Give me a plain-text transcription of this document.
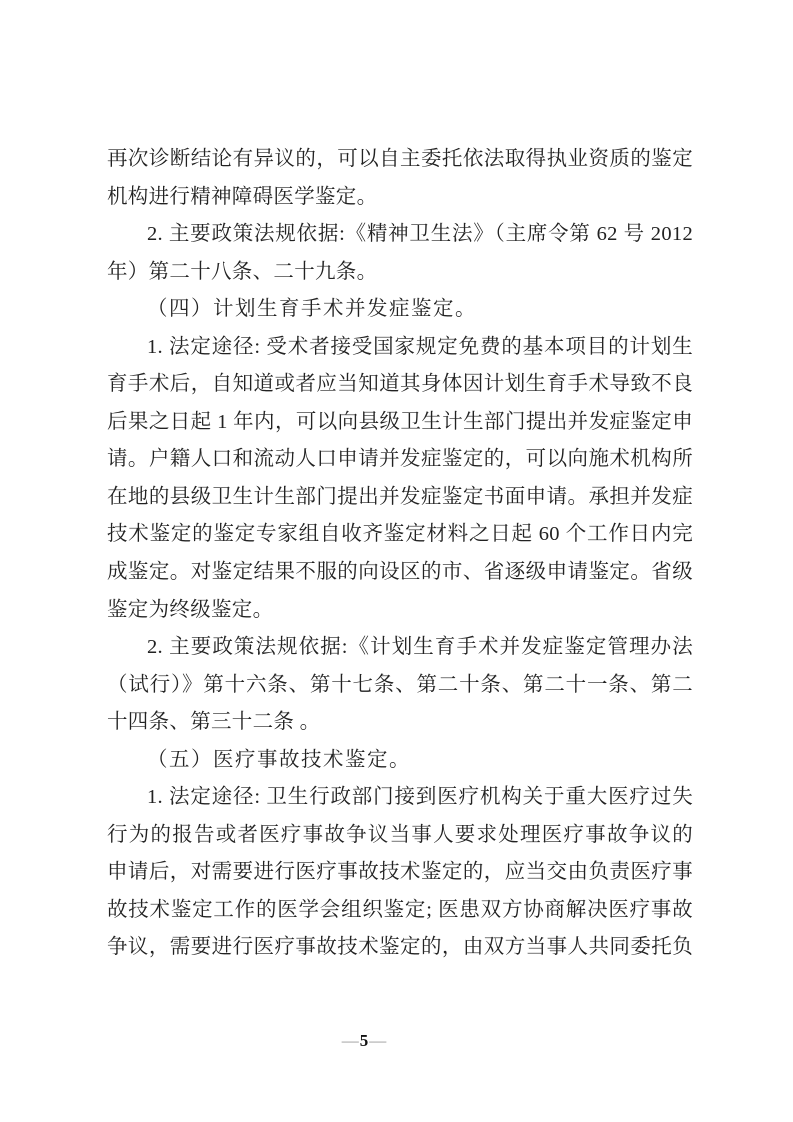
再次诊断结论有异议的，可以自主委托依法取得执业资质的鉴定
机构进行精神障碍医学鉴定。
2. 主要政策法规依据:《精神卫生法》（主席令第 62 号 2012
年）第二十八条、二十九条。
（四）计划生育手术并发症鉴定。
1. 法定途径: 受术者接受国家规定免费的基本项目的计划生
育手术后，自知道或者应当知道其身体因计划生育手术导致不良
后果之日起 1 年内，可以向县级卫生计生部门提出并发症鉴定申
请。户籍人口和流动人口申请并发症鉴定的，可以向施术机构所
在地的县级卫生计生部门提出并发症鉴定书面申请。承担并发症
技术鉴定的鉴定专家组自收齐鉴定材料之日起 60 个工作日内完
成鉴定。对鉴定结果不服的向设区的市、省逐级申请鉴定。省级
鉴定为终级鉴定。
2. 主要政策法规依据:《计划生育手术并发症鉴定管理办法
（试行）》第十六条、第十七条、第二十条、第二十一条、第二
十四条、第三十二条 。
（五）医疗事故技术鉴定。
1. 法定途径: 卫生行政部门接到医疗机构关于重大医疗过失
行为的报告或者医疗事故争议当事人要求处理医疗事故争议的
申请后，对需要进行医疗事故技术鉴定的，应当交由负责医疗事
故技术鉴定工作的医学会组织鉴定; 医患双方协商解决医疗事故
争议，需要进行医疗事故技术鉴定的，由双方当事人共同委托负
—5—
